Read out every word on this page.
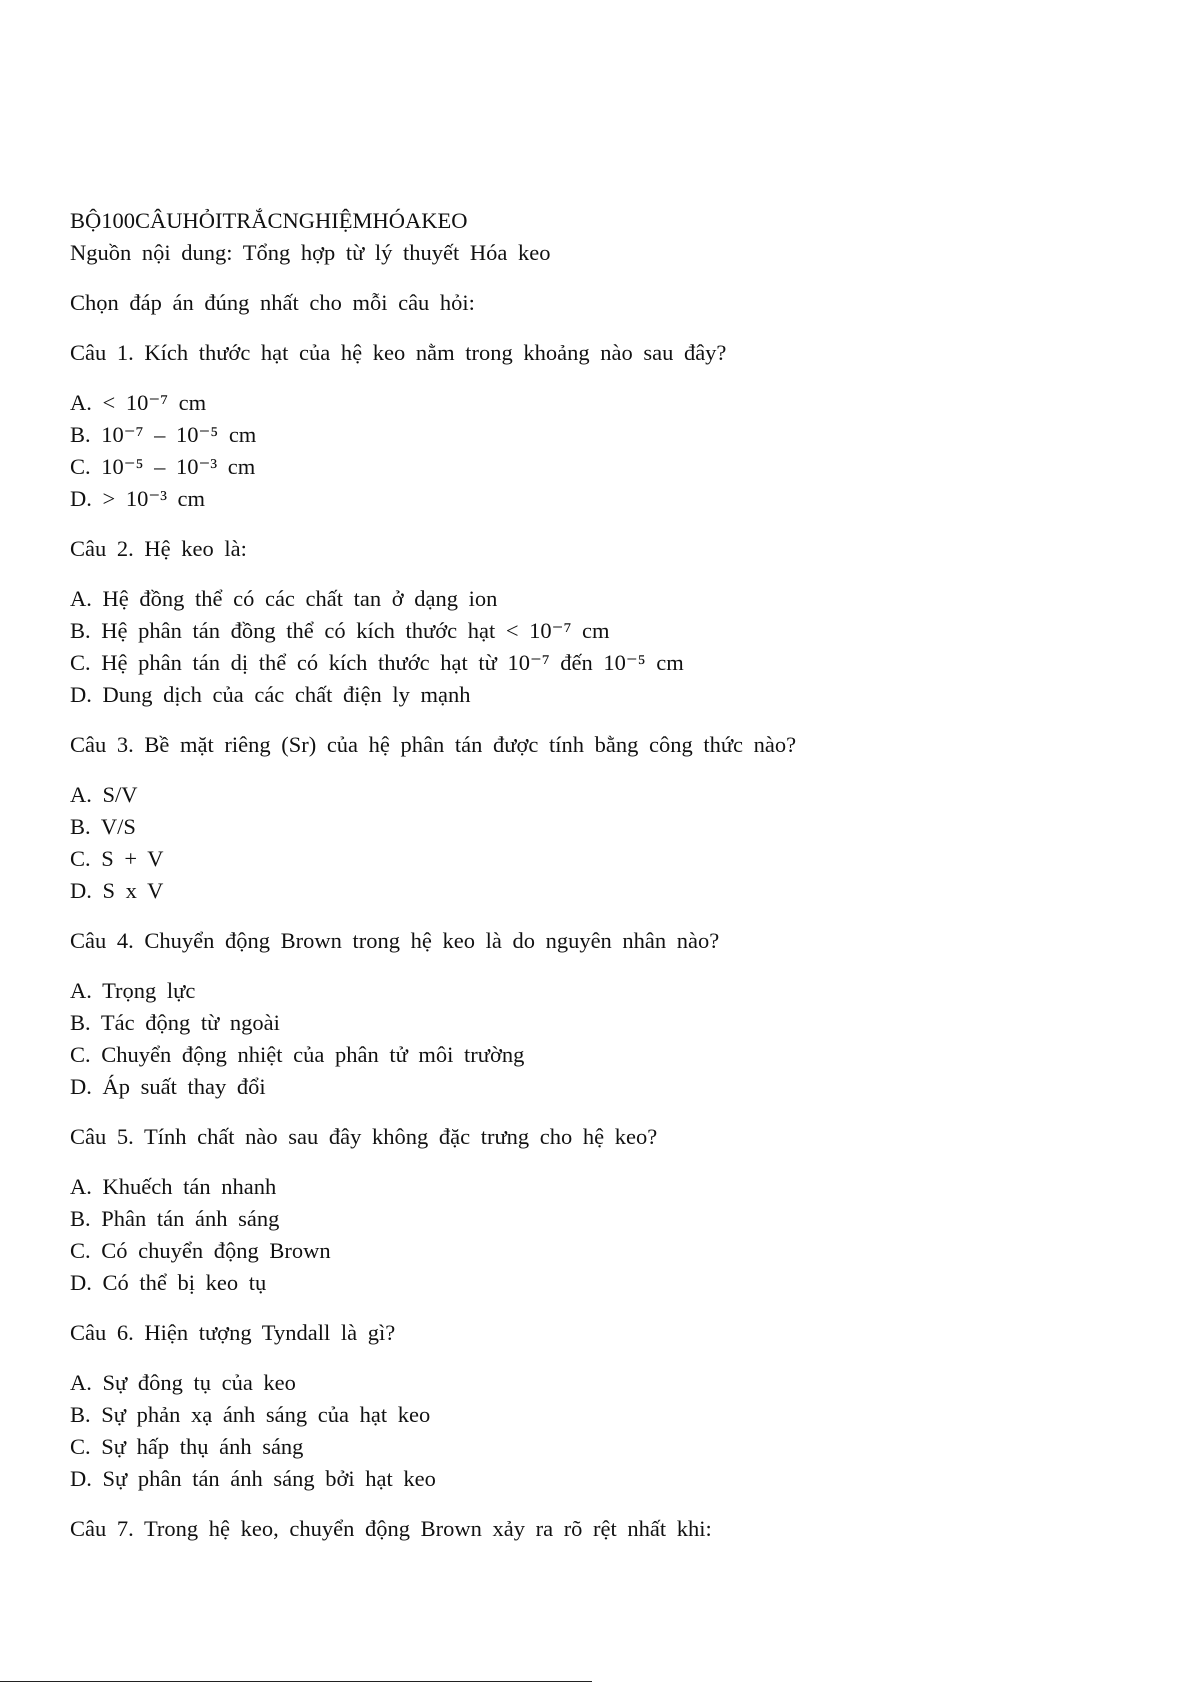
BỘ100CÂUHỎITRẮCNGHIỆMHÓAKEO
Nguồn nội dung: Tổng hợp từ lý thuyết Hóa keo
Chọn đáp án đúng nhất cho mỗi câu hỏi:
Câu 1. Kích thước hạt của hệ keo nằm trong khoảng nào sau đây?
A. < 10⁻⁷ cm
B. 10⁻⁷ – 10⁻⁵ cm
C. 10⁻⁵ – 10⁻³ cm
D. > 10⁻³ cm
Câu 2. Hệ keo là:
A. Hệ đồng thể có các chất tan ở dạng ion
B. Hệ phân tán đồng thể có kích thước hạt < 10⁻⁷ cm
C. Hệ phân tán dị thể có kích thước hạt từ 10⁻⁷ đến 10⁻⁵ cm
D. Dung dịch của các chất điện ly mạnh
Câu 3. Bề mặt riêng (Sr) của hệ phân tán được tính bằng công thức nào?
A. S/V
B. V/S
C. S + V
D. S x V
Câu 4. Chuyển động Brown trong hệ keo là do nguyên nhân nào?
A. Trọng lực
B. Tác động từ ngoài
C. Chuyển động nhiệt của phân tử môi trường
D. Áp suất thay đổi
Câu 5. Tính chất nào sau đây không đặc trưng cho hệ keo?
A. Khuếch tán nhanh
B. Phân tán ánh sáng
C. Có chuyển động Brown
D. Có thể bị keo tụ
Câu 6. Hiện tượng Tyndall là gì?
A. Sự đông tụ của keo
B. Sự phản xạ ánh sáng của hạt keo
C. Sự hấp thụ ánh sáng
D. Sự phân tán ánh sáng bởi hạt keo
Câu 7. Trong hệ keo, chuyển động Brown xảy ra rõ rệt nhất khi:
